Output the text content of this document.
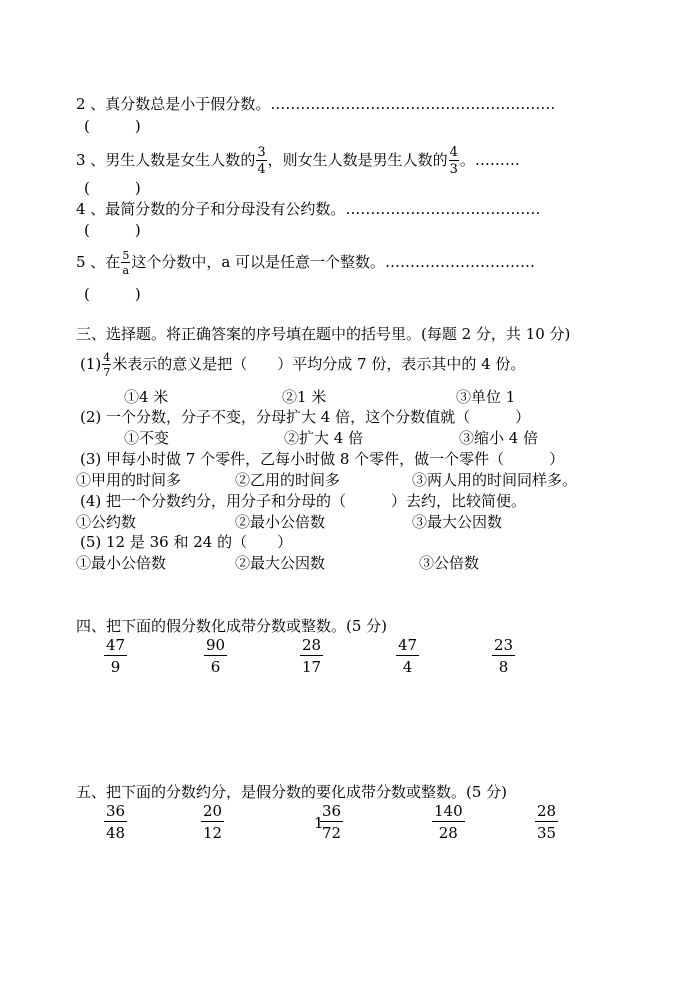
2 、真分数总是小于假分数。…………………………………………………
(　　　)
3 、男生人数是女生人数的 $\frac{3}{4}$ ，则女生人数是男生人数的 $\frac{4}{3}$ 。………
(　　　)
4 、最简分数的分子和分母没有公约数。…………………………………
(　　　)
5 、在 $\frac{5}{a}$ 这个分数中，a 可以是任意一个整数。…………………………
(　　　)
三、选择题。将正确答案的序号填在题中的括号里。(每题 2 分，共 10 分)
$(1) \frac{4}{7}$ 米表示的意义是把（　　）平均分成 7 份，表示其中的 4 份。
①4 米	②1 米	③单位 1
(2) 一个分数，分子不变，分母扩大 4 倍，这个分数值就（　　　）
①不变	②扩大 4 倍	③缩小 4 倍
(3) 甲每小时做 7 个零件，乙每小时做 8 个零件，做一个零件（　　　）
①甲用的时间多	②乙用的时间多	③两人用的时间同样多。
(4) 把一个分数约分，用分子和分母的（　　　）去约，比较简便。
①公约数	②最小公倍数	③最大公因数
(5) 12 是 36 和 24 的（　　）
①最小公倍数	②最大公因数	③公倍数
四、把下面的假分数化成带分数或整数。(5 分)
$\frac{47}{9}$	$\frac{90}{6}$	$\frac{28}{17}$	$\frac{47}{4}$	$\frac{23}{8}$
五、把下面的分数约分，是假分数的要化成带分数或整数。(5 分)
$\frac{36}{48}$	$\frac{20}{12}$	1
$\frac{36}{72}$	$\frac{140}{28}$	$\frac{28}{35}$
